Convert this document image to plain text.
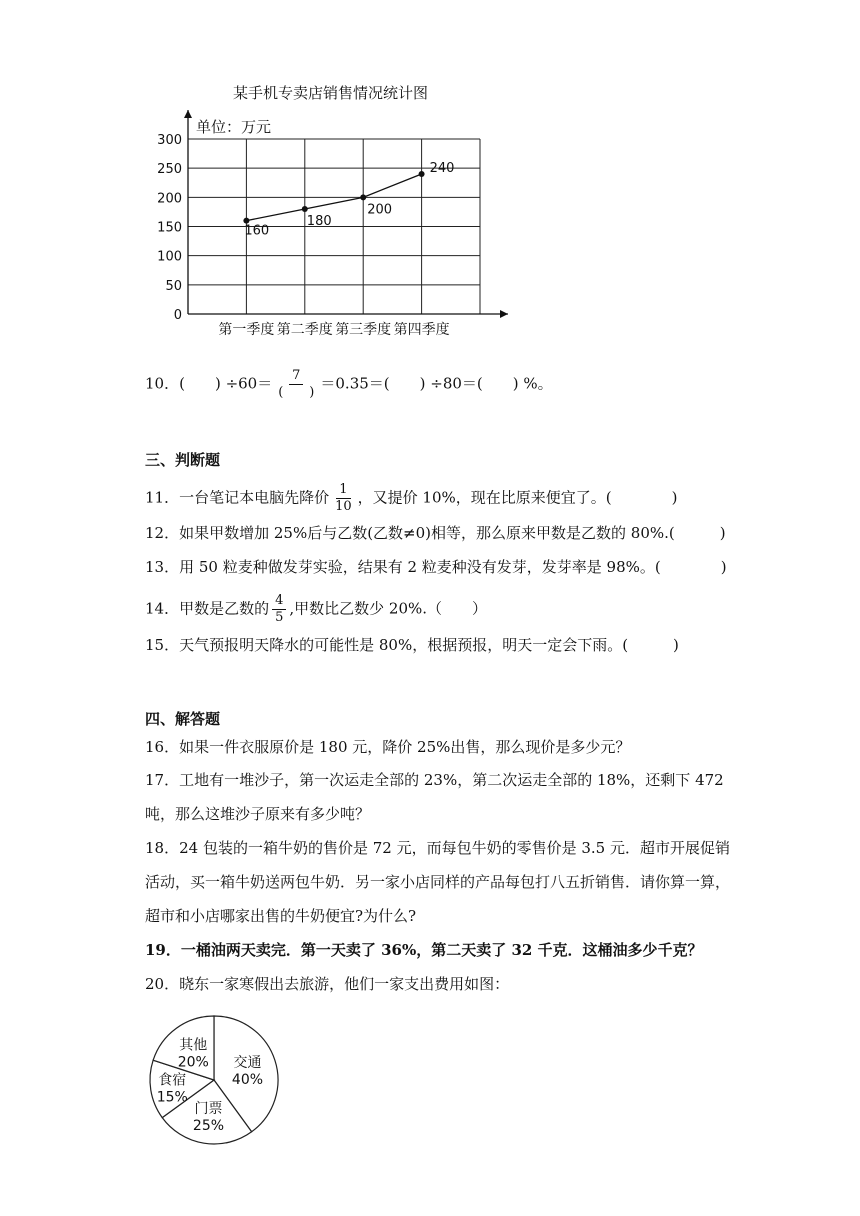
某手机专卖店销售情况统计图
单位：万元
300
250
200
150
100
50
0
第一季度 第二季度 第三季度 第四季度
160
180
200
240
10．(　　) $\div 60= \frac{7}{( )} =0.35=$(　　) ÷80＝(　　) %。
三、判断题
11．一台笔记本电脑先降价 $\frac{1}{10}$ ，又提价 10%，现在比原来便宜了。(　　　　)
12．如果甲数增加 25%后与乙数(乙数≠0)相等，那么原来甲数是乙数的 80%.(　　　)
13．用 50 粒麦种做发芽实验，结果有 2 粒麦种没有发芽，发芽率是 98%。(　　　　)
14．甲数是乙数的 $\frac{4}{5}$ ,甲数比乙数少 20%.（　　）
15．天气预报明天降水的可能性是 80%，根据预报，明天一定会下雨。(　　　)
四、解答题
16．如果一件衣服原价是 180 元，降价 25%出售，那么现价是多少元？
17．工地有一堆沙子，第一次运走全部的 23%，第二次运走全部的 18%，还剩下 472
吨，那么这堆沙子原来有多少吨？
18．24 包装的一箱牛奶的售价是 72 元，而每包牛奶的零售价是 3.5 元．超市开展促销
活动，买一箱牛奶送两包牛奶．另一家小店同样的产品每包打八五折销售．请你算一算，
超市和小店哪家出售的牛奶便宜?为什么?
19．一桶油两天卖完．第一天卖了 36%，第二天卖了 32 千克．这桶油多少千克？
20．晓东一家寒假出去旅游，他们一家支出费用如图：
交通
40%
门票
25%
食宿
15%
其他
20%
